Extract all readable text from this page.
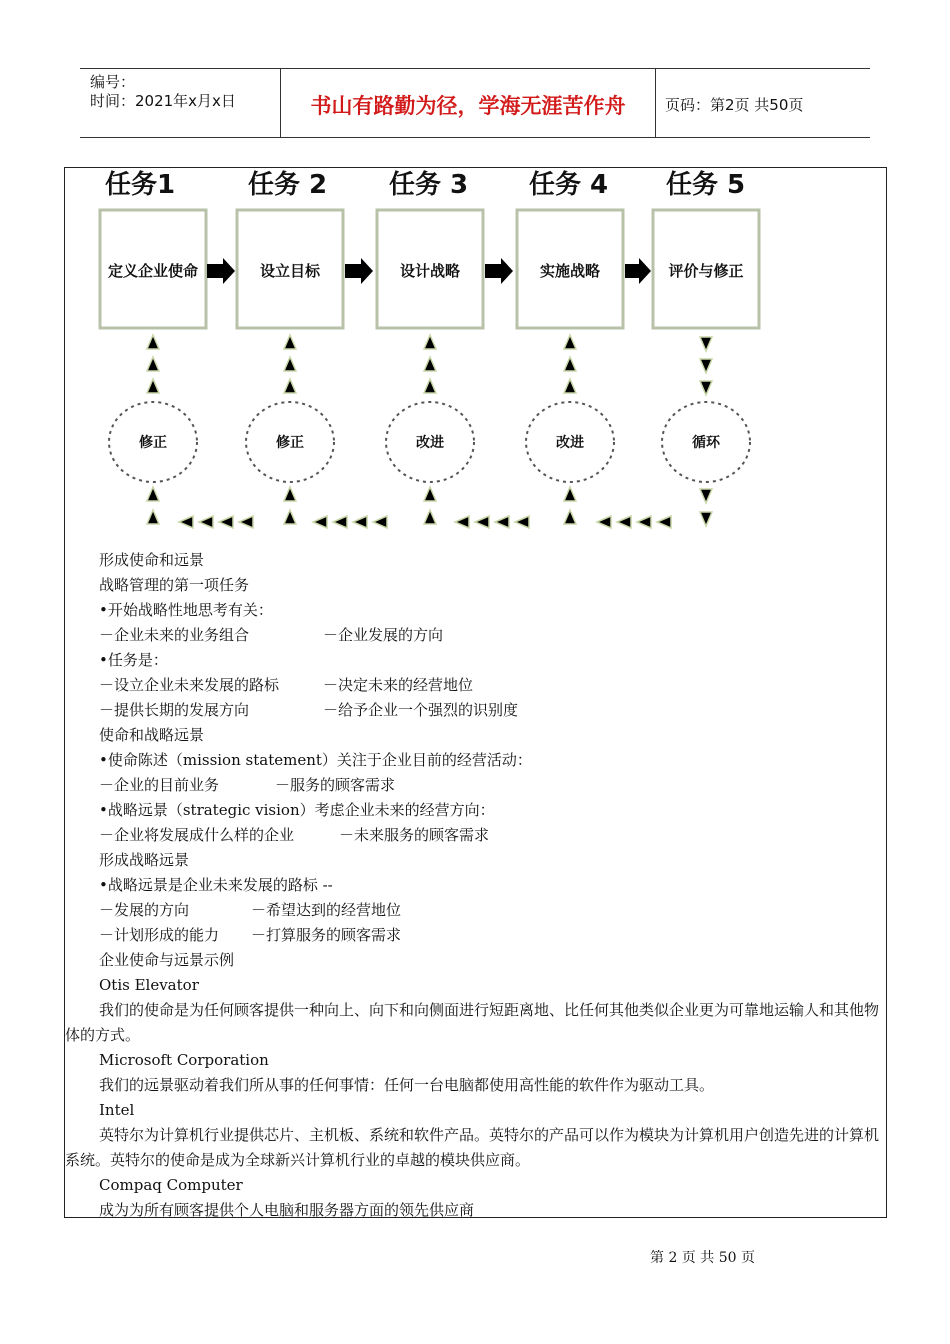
编号：
时间：2021年x月x日	书山有路勤为径，学海无涯苦作舟	页码：第2页 共50页
任务1	任务 2 任务 3 任务 4 任务 5
定义企业使命	设立目标	设计战略	实施战略	评价与修正
修正	修正	改进	改进	循环
形成使命和远景
战略管理的第一项任务
•开始战略性地思考有关：
－企业未来的业务组合	－企业发展的方向
•任务是：
－设立企业未来发展的路标	－决定未来的经营地位
－提供长期的发展方向	－给予企业一个强烈的识别度
使命和战略远景
•使命陈述（mission statement）关注于企业目前的经营活动：
－企业的目前业务	－服务的顾客需求
•战略远景（strategic vision）考虑企业未来的经营方向：
－企业将发展成什么样的企业	－未来服务的顾客需求
形成战略远景
•战略远景是企业未来发展的路标 --
－发展的方向	－希望达到的经营地位
－计划形成的能力 －打算服务的顾客需求
企业使命与远景示例
Otis Elevator

我们的使命是为任何顾客提供一种向上、向下和向侧面进行短距离地、比任何其他类似企业更为可靠地运输人和其他物体的方式。

Microsoft Corporation

我们的远景驱动着我们所从事的任何事情：任何一台电脑都使用高性能的软件作为驱动工具。

Intel

英特尔为计算机行业提供芯片、主机板、系统和软件产品。英特尔的产品可以作为模块为计算机用户创造先进的计算机系统。英特尔的使命是成为全球新兴计算机行业的卓越的模块供应商。

Compaq Computer

成为为所有顾客提供个人电脑和服务器方面的领先供应商

第 2 页 共 50 页
